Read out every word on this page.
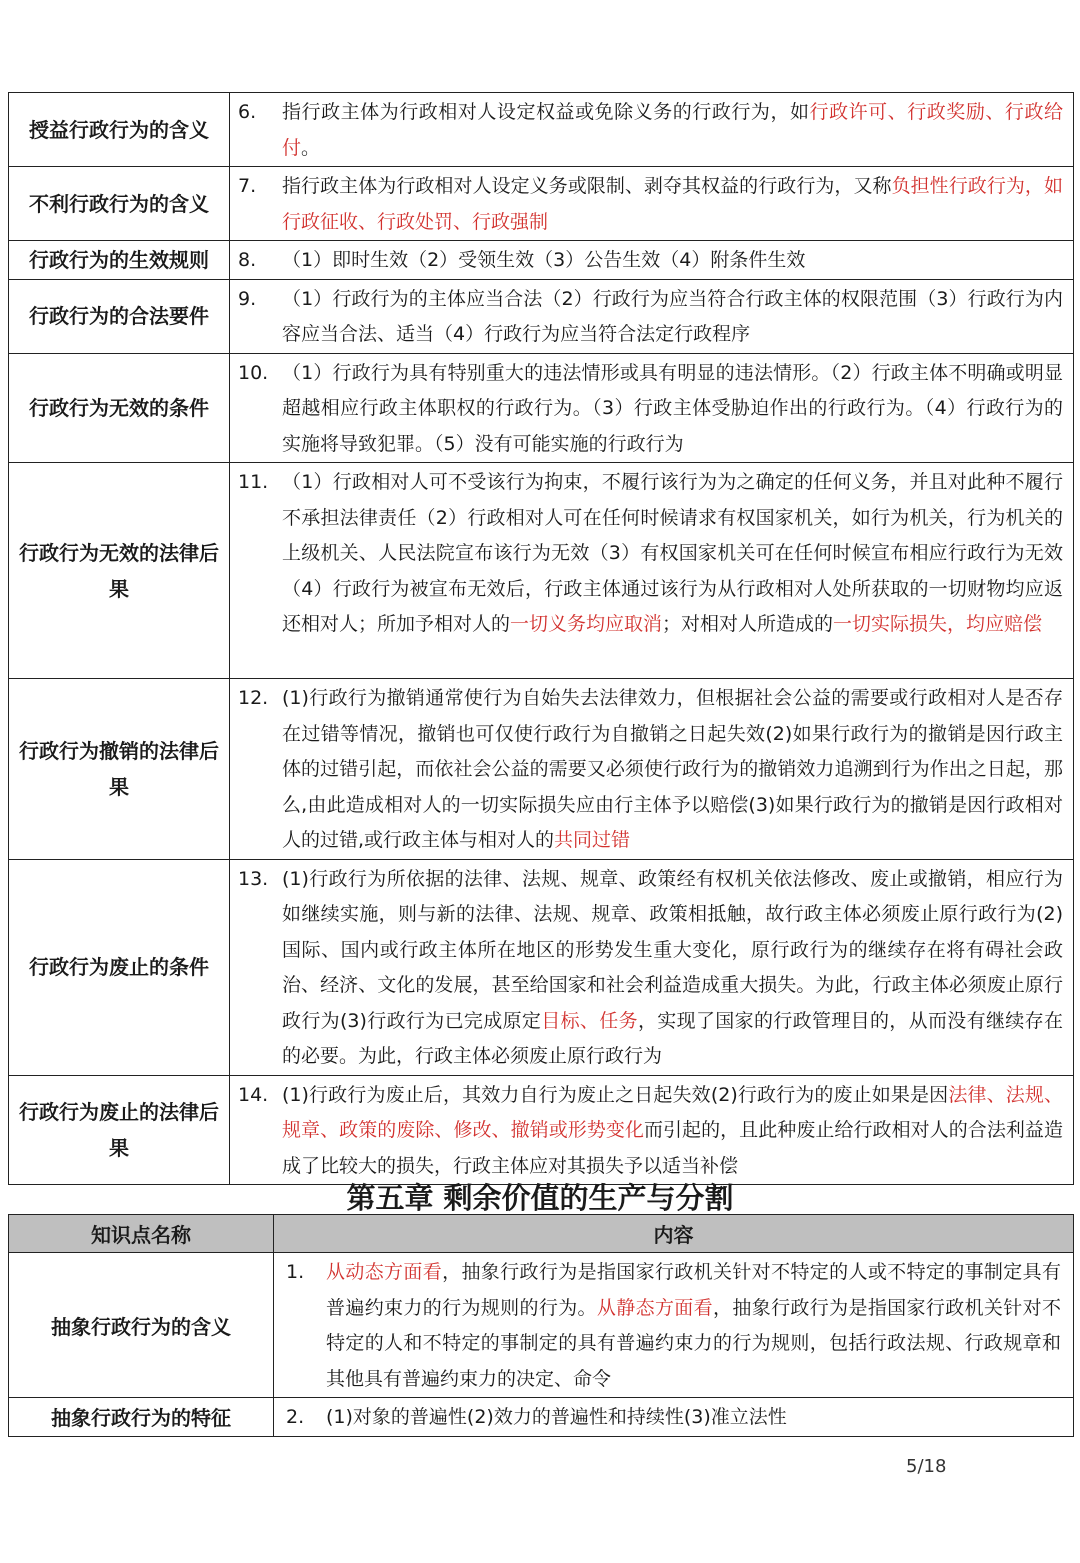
授益行政行为的含义	6. 指行政主体为行政相对人设定权益或免除义务的行政行为，如行政许可、行政奖励、行政给付。
不利行政行为的含义	7. 指行政主体为行政相对人设定义务或限制、剥夺其权益的行政行为，又称负担性行政行为，如行政征收、行政处罚、行政强制
行政行为的生效规则	8. （1）即时生效（2）受领生效（3）公告生效（4）附条件生效
行政行为的合法要件	9. （1）行政行为的主体应当合法（2）行政行为应当符合行政主体的权限范围（3）行政行为内容应当合法、适当（4）行政行为应当符合法定行政程序
行政行为无效的条件	10. （1）行政行为具有特别重大的违法情形或具有明显的违法情形。（2）行政主体不明确或明显超越相应行政主体职权的行政行为。（3）行政主体受胁迫作出的行政行为。（4）行政行为的实施将导致犯罪。（5）没有可能实施的行政行为
行政行为无效的法律后果	11. （1）行政相对人可不受该行为拘束，不履行该行为为之确定的任何义务，并且对此种不履行不承担法律责任（2）行政相对人可在任何时候请求有权国家机关，如行为机关，行为机关的上级机关、人民法院宣布该行为无效（3）有权国家机关可在任何时候宣布相应行政行为无效（4）行政行为被宣布无效后，行政主体通过该行为从行政相对人处所获取的一切财物均应返还相对人；所加予相对人的一切义务均应取消；对相对人所造成的一切实际损失，均应赔偿
行政行为撤销的法律后果	12. (1)行政行为撤销通常使行为自始失去法律效力，但根据社会公益的需要或行政相对人是否存在过错等情况，撤销也可仅使行政行为自撤销之日起失效(2)如果行政行为的撤销是因行政主体的过错引起，而依社会公益的需要又必须使行政行为的撤销效力追溯到行为作出之日起，那么,由此造成相对人的一切实际损失应由行主体予以赔偿(3)如果行政行为的撤销是因行政相对人的过错,或行政主体与相对人的共同过错
行政行为废止的条件	13. (1)行政行为所依据的法律、法规、规章、政策经有权机关依法修改、废止或撤销，相应行为如继续实施，则与新的法律、法规、规章、政策相抵触，故行政主体必须废止原行政行为(2)国际、国内或行政主体所在地区的形势发生重大变化，原行政行为的继续存在将有碍社会政治、经济、文化的发展，甚至给国家和社会利益造成重大损失。为此，行政主体必须废止原行政行为(3)行政行为已完成原定目标、任务，实现了国家的行政管理目的，从而没有继续存在的必要。为此，行政主体必须废止原行政行为
行政行为废止的法律后果	14. (1)行政行为废止后，其效力自行为废止之日起失效(2)行政行为的废止如果是因法律、法规、规章、政策的废除、修改、撤销或形势变化而引起的，且此种废止给行政相对人的合法利益造成了比较大的损失，行政主体应对其损失予以适当补偿
第五章 剩余价值的生产与分割
知识点名称	内容
抽象行政行为的含义	1. 从动态方面看，抽象行政行为是指国家行政机关针对不特定的人或不特定的事制定具有普遍约束力的行为规则的行为。从静态方面看，抽象行政行为是指国家行政机关针对不特定的人和不特定的事制定的具有普遍约束力的行为规则，包括行政法规、行政规章和其他具有普遍约束力的决定、命令
抽象行政行为的特征	2. (1)对象的普遍性(2)效力的普遍性和持续性(3)准立法性
5/18
